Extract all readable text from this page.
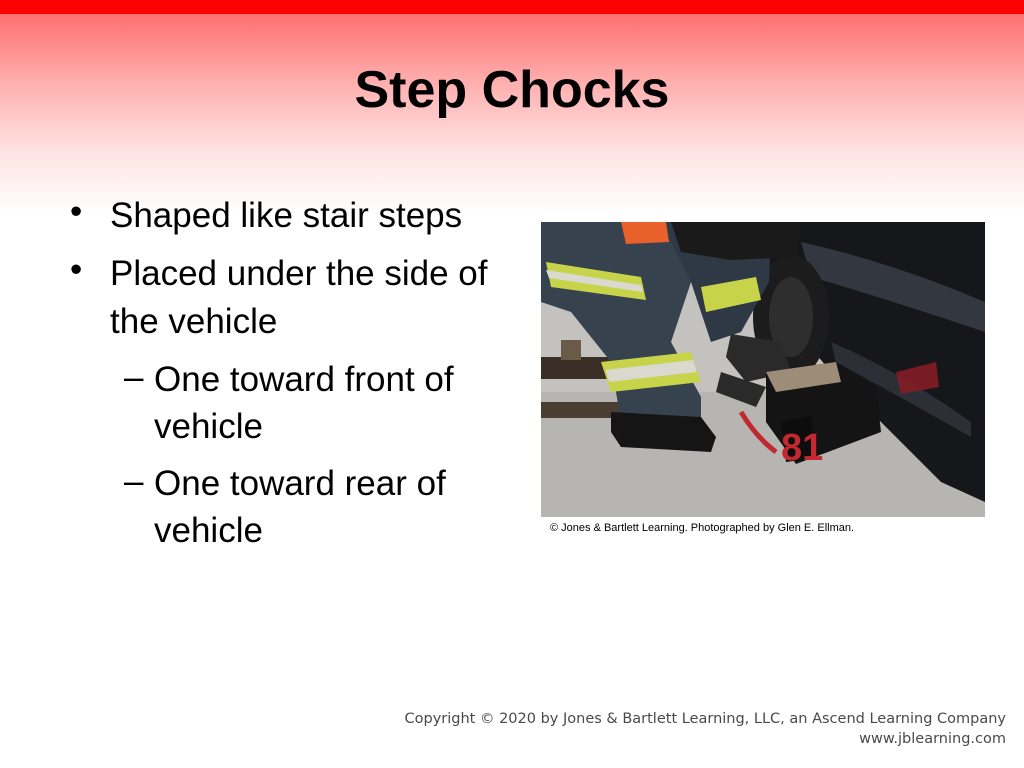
Step Chocks
• Shaped like stair steps
• Placed under the side of the vehicle
– One toward front of vehicle
– One toward rear of vehicle
81
© Jones & Bartlett Learning. Photographed by Glen E. Ellman.
Copyright © 2020 by Jones & Bartlett Learning, LLC, an Ascend Learning Company
www.jblearning.com
